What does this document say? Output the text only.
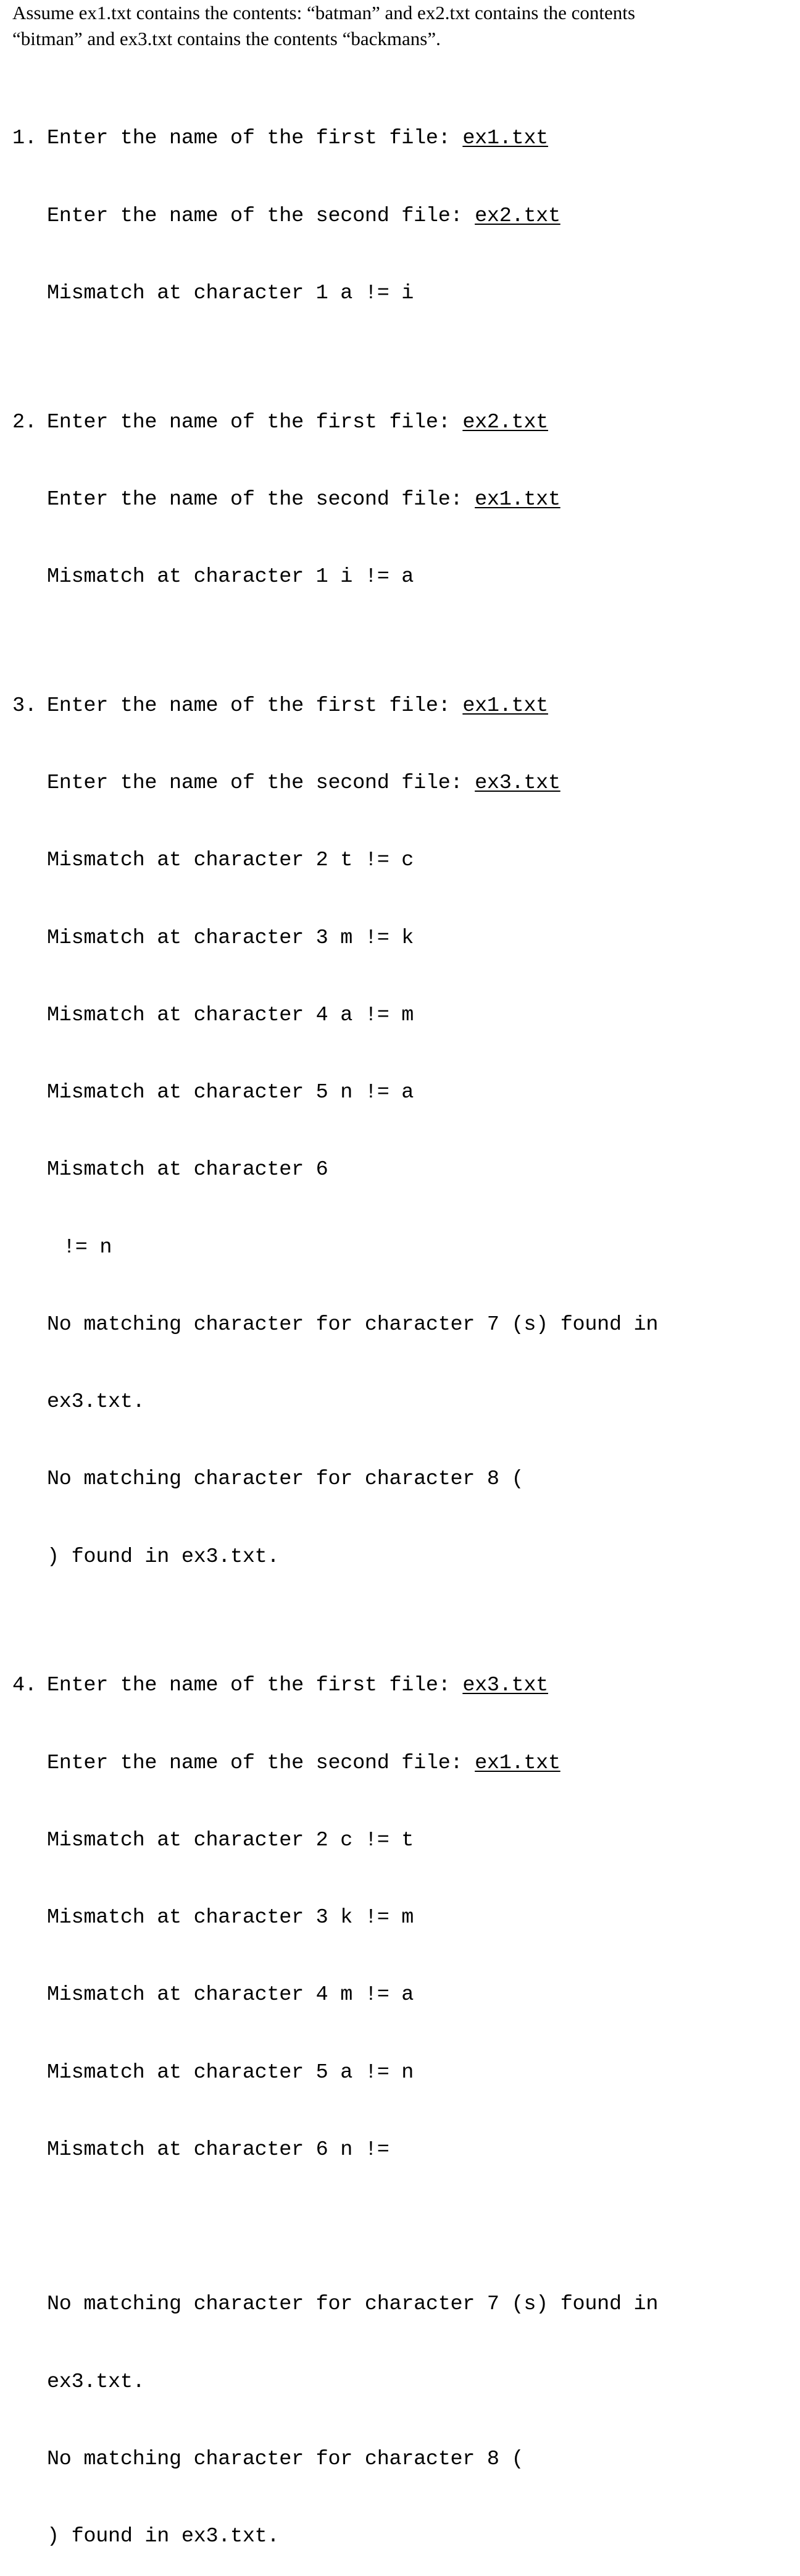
Assume ex1.txt contains the contents: “batman” and ex2.txt contains the contents

“bitman” and ex3.txt contains the contents “backmans”.

1. Enter the name of the first file: ex1.txt

Enter the name of the second file: ex2.txt

Mismatch at character 1 a != i

2. Enter the name of the first file: ex2.txt

Enter the name of the second file: ex1.txt

Mismatch at character 1 i != a

3. Enter the name of the first file: ex1.txt

Enter the name of the second file: ex3.txt

Mismatch at character 2 t != c

Mismatch at character 3 m != k

Mismatch at character 4 a != m

Mismatch at character 5 n != a

Mismatch at character 6

!= n

No matching character for character 7 (s) found in

ex3.txt.

No matching character for character 8 (

) found in ex3.txt.

4. Enter the name of the first file: ex3.txt

Enter the name of the second file: ex1.txt

Mismatch at character 2 c != t

Mismatch at character 3 k != m

Mismatch at character 4 m != a

Mismatch at character 5 a != n

Mismatch at character 6 n !=

No matching character for character 7 (s) found in

ex3.txt.

No matching character for character 8 (

) found in ex3.txt.
